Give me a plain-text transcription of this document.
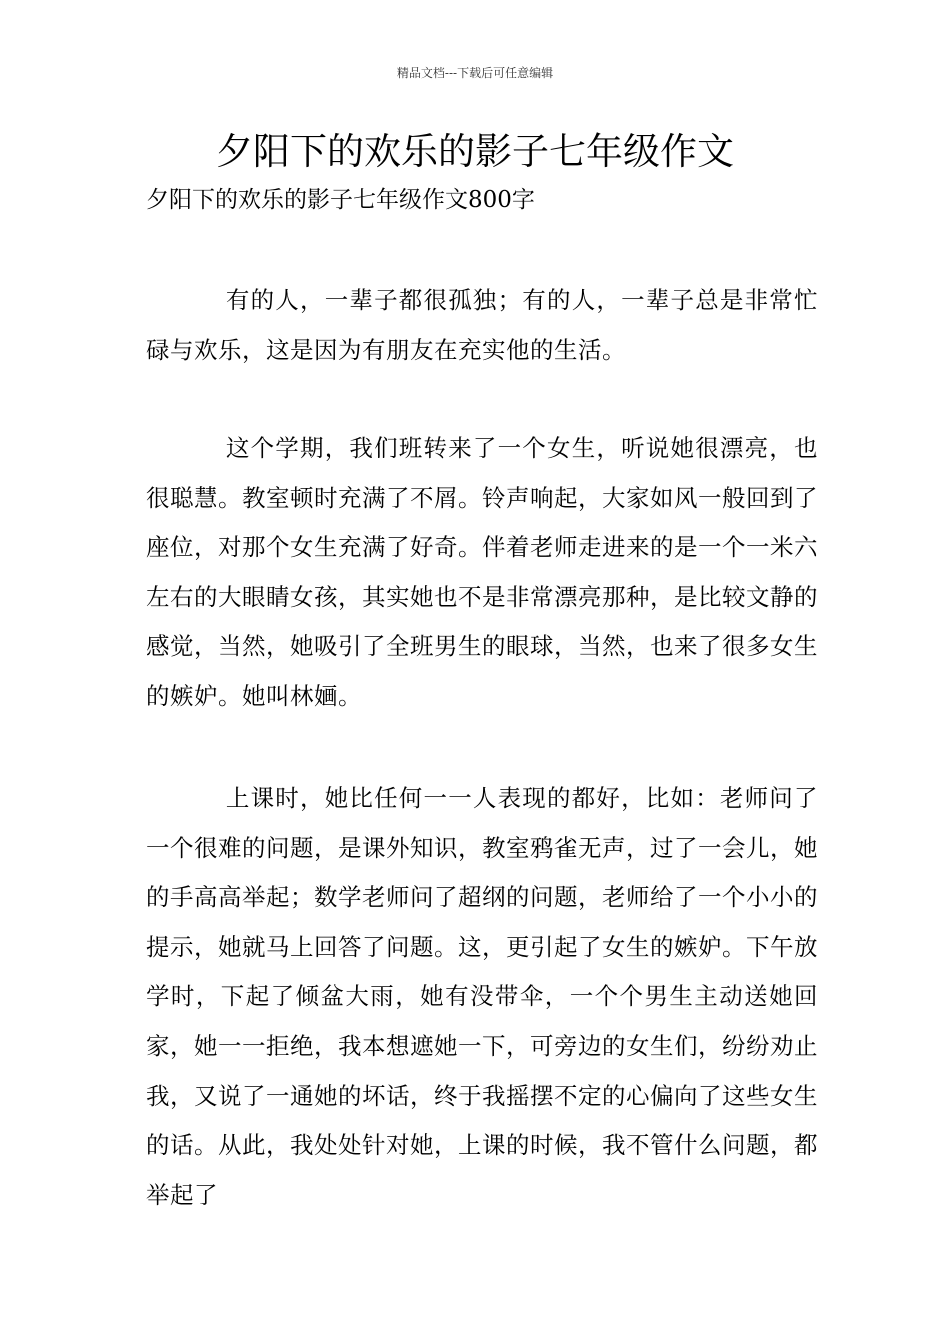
精品文档---下载后可任意编辑
夕阳下的欢乐的影子七年级作文

夕阳下的欢乐的影子七年级作文800字

有的人，一辈子都很孤独；有的人，一辈子总是非常忙碌与欢乐，这是因为有朋友在充实他的生活。

这个学期，我们班转来了一个女生，听说她很漂亮，也很聪慧。教室顿时充满了不屑。铃声响起，大家如风一般回到了座位，对那个女生充满了好奇。伴着老师走进来的是一个一米六左右的大眼睛女孩，其实她也不是非常漂亮那种，是比较文静的感觉，当然，她吸引了全班男生的眼球，当然，也来了很多女生的嫉妒。她叫林婳。

上课时，她比任何一一人表现的都好，比如：老师问了一个很难的问题，是课外知识，教室鸦雀无声，过了一会儿，她的手高高举起；数学老师问了超纲的问题，老师给了一个小小的提示，她就马上回答了问题。这，更引起了女生的嫉妒。下午放学时，下起了倾盆大雨，她有没带伞，一个个男生主动送她回家，她一一拒绝，我本想遮她一下，可旁边的女生们，纷纷劝止我，又说了一通她的坏话，终于我摇摆不定的心偏向了这些女生的话。从此，我处处针对她，上课的时候，我不管什么问题，都举起了
